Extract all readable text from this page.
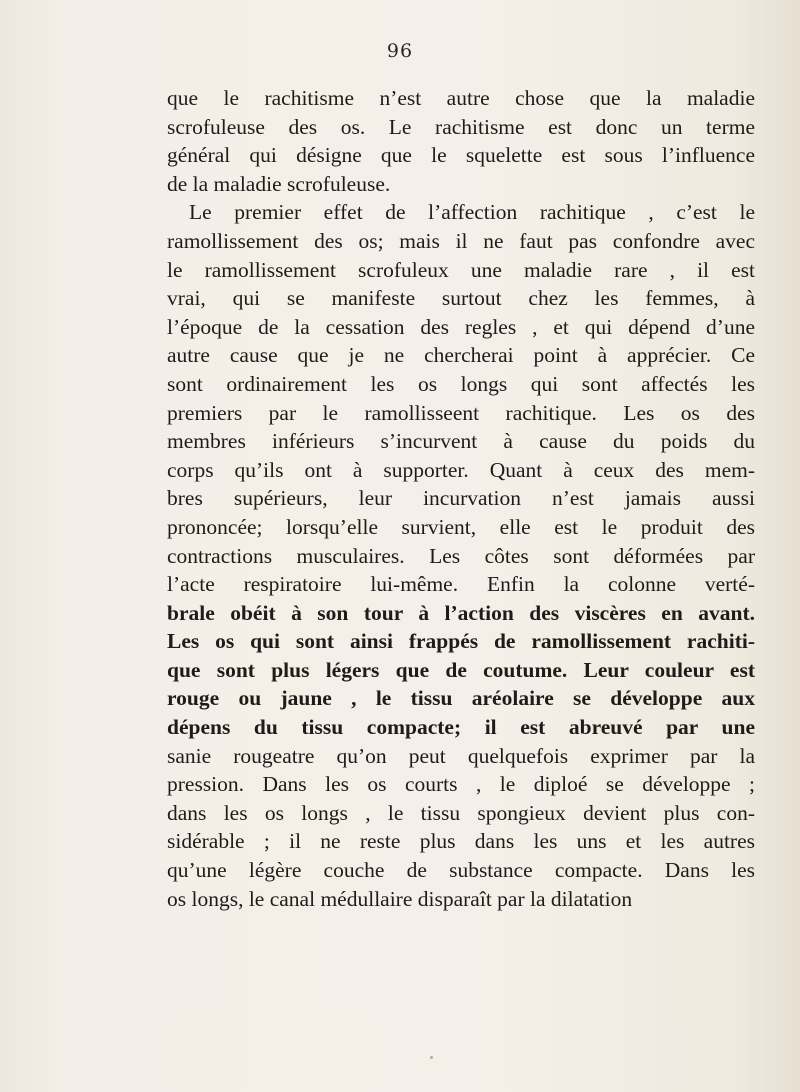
96
que le rachitisme n’est autre chose que la maladie
scrofuleuse des os. Le rachitisme est donc un terme
général qui désigne que le squelette est sous l’influence
de la maladie scrofuleuse.
Le premier effet de l’affection rachitique , c’est le
ramollissement des os; mais il ne faut pas confondre avec
le ramollissement scrofuleux une maladie rare , il est
vrai, qui se manifeste surtout chez les femmes, à
l’époque de la cessation des regles , et qui dépend d’une
autre cause que je ne chercherai point à apprécier. Ce
sont ordinairement les os longs qui sont affectés les
premiers par le ramollisseent rachitique. Les os des
membres inférieurs s’incurvent à cause du poids du
corps qu’ils ont à supporter. Quant à ceux des mem-
bres supérieurs, leur incurvation n’est jamais aussi
prononcée; lorsqu’elle survient, elle est le produit des
contractions musculaires. Les côtes sont déformées par
l’acte respiratoire lui-même. Enfin la colonne verté-
brale obéit à son tour à l’action des viscères en avant.
Les os qui sont ainsi frappés de ramollissement rachiti-
que sont plus légers que de coutume. Leur couleur est
rouge ou jaune , le tissu aréolaire se développe aux
dépens du tissu compacte; il est abreuvé par une
sanie rougeatre qu’on peut quelquefois exprimer par la
pression. Dans les os courts , le diploé se développe ;
dans les os longs , le tissu spongieux devient plus con-
sidérable ; il ne reste plus dans les uns et les autres
qu’une légère couche de substance compacte. Dans les
os longs, le canal médullaire disparaît par la dilatation
